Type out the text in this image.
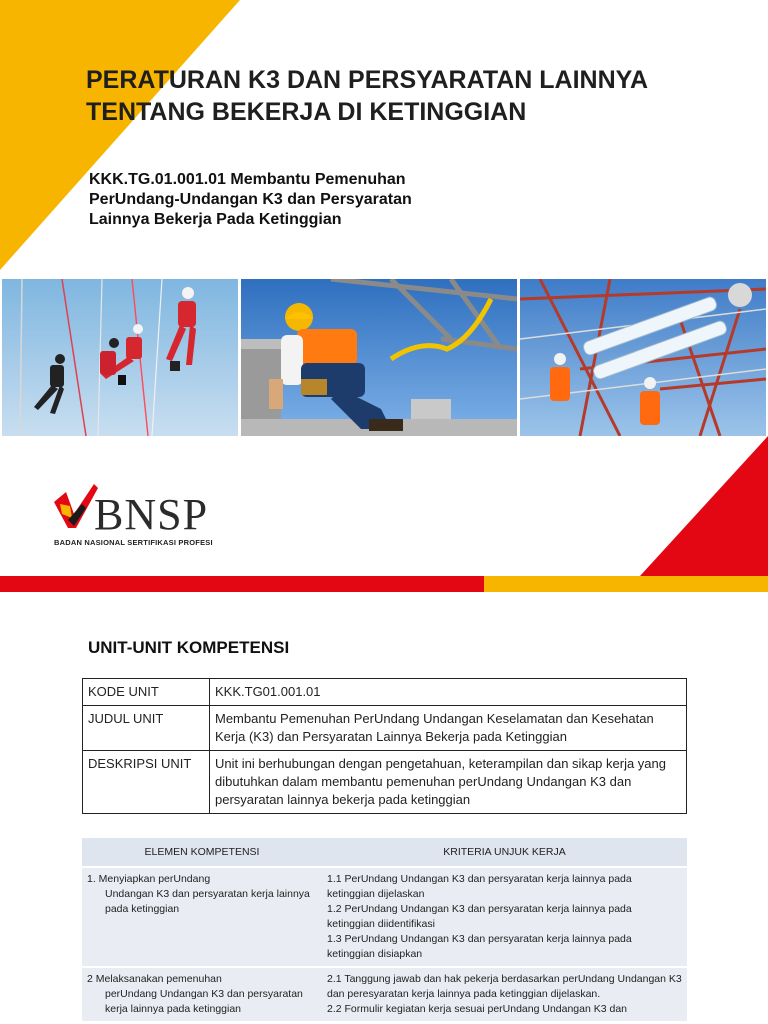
PERATURAN K3 DAN PERSYARATAN LAINNYA TENTANG BEKERJA DI KETINGGIAN

KKK.TG.01.001.01 Membantu Pemenuhan PerUndang-Undangan K3 dan Persyaratan Lainnya Bekerja Pada Ketinggian

BNSP
BADAN NASIONAL SERTIFIKASI PROFESI
UNIT-UNIT KOMPETENSI
KODE UNIT	KKK.TG01.001.01
JUDUL UNIT	Membantu Pemenuhan PerUndang Undangan Keselamatan dan Kesehatan Kerja (K3) dan Persyaratan Lainnya Bekerja pada Ketinggian
DESKRIPSI UNIT	Unit ini berhubungan dengan pengetahuan, keterampilan dan sikap kerja yang dibutuhkan dalam membantu pemenuhan perUndang Undangan K3 dan persyaratan lainnya bekerja pada ketinggian
ELEMEN KOMPETENSI	KRITERIA UNJUK KERJA
1. Menyiapkan perUndang
Undangan K3 dan persyaratan kerja lainnya pada ketinggian	1.1 PerUndang Undangan K3 dan persyaratan kerja lainnya pada ketinggian dijelaskan
1.2 PerUndang Undangan K3 dan persyaratan kerja lainnya pada ketinggian diidentifikasi
1.3 PerUndang Undangan K3 dan persyaratan kerja lainnya pada ketinggian disiapkan

2 Melaksanakan pemenuhan
perUndang Undangan K3 dan persyaratan kerja lainnya pada ketinggian	2.1 Tanggung jawab dan hak pekerja berdasarkan perUndang Undangan K3 dan peresyaratan kerja lainnya pada ketinggian dijelaskan.
2.2 Formulir kegiatan kerja sesuai perUndang Undangan K3 dan
